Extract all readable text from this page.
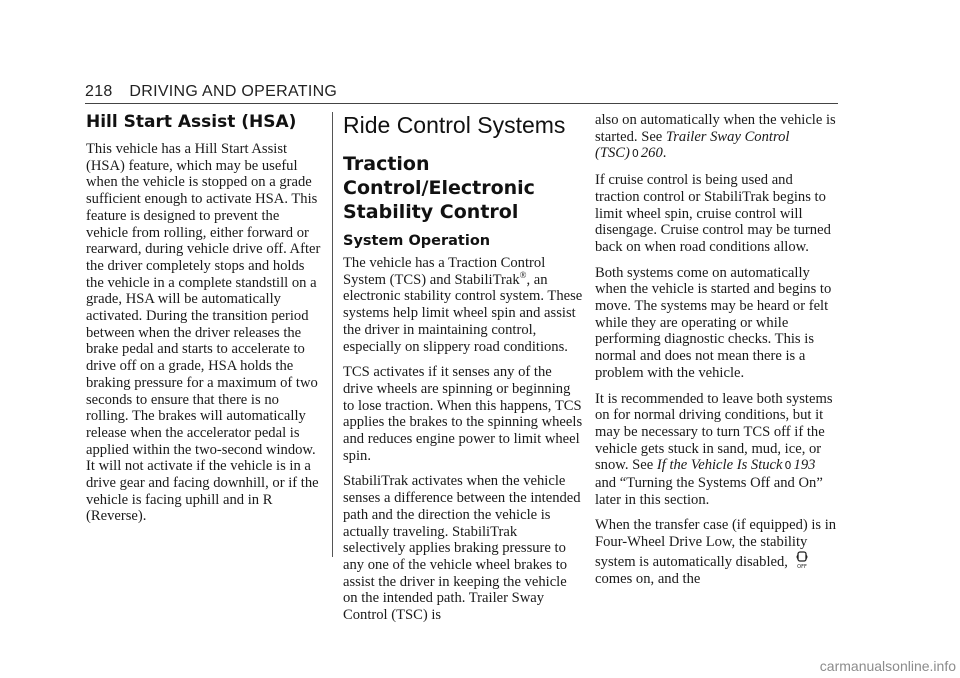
218 DRIVING AND OPERATING
Hill Start Assist (HSA)

This vehicle has a Hill Start Assist (HSA) feature, which may be useful when the vehicle is stopped on a grade sufficient enough to activate HSA. This feature is designed to prevent the vehicle from rolling, either forward or rearward, during vehicle drive off. After the driver completely stops and holds the vehicle in a complete standstill on a grade, HSA will be automatically activated. During the transition period between when the driver releases the brake pedal and starts to accelerate to drive off on a grade, HSA holds the braking pressure for a maximum of two seconds to ensure that there is no rolling. The brakes will automatically release when the accelerator pedal is applied within the two-second window. It will not activate if the vehicle is in a drive gear and facing downhill, or if the vehicle is facing uphill and in R (Reverse).

Ride Control Systems
Traction Control/Electronic Stability Control
System Operation

The vehicle has a Traction Control System (TCS) and StabiliTrak®, an electronic stability control system. These systems help limit wheel spin and assist the driver in maintaining control, especially on slippery road conditions.

TCS activates if it senses any of the drive wheels are spinning or beginning to lose traction. When this happens, TCS applies the brakes to the spinning wheels and reduces engine power to limit wheel spin.

StabiliTrak activates when the vehicle senses a difference between the intended path and the direction the vehicle is actually traveling. StabiliTrak selectively applies braking pressure to any one of the vehicle wheel brakes to assist the driver in keeping the vehicle on the intended path. Trailer Sway Control (TSC) is

also on automatically when the vehicle is started. See Trailer Sway Control (TSC) 0 260.

If cruise control is being used and traction control or StabiliTrak begins to limit wheel spin, cruise control will disengage. Cruise control may be turned back on when road conditions allow.

Both systems come on automatically when the vehicle is started and begins to move. The systems may be heard or felt while they are operating or while performing diagnostic checks. This is normal and does not mean there is a problem with the vehicle.

It is recommended to leave both systems on for normal driving conditions, but it may be necessary to turn TCS off if the vehicle gets stuck in sand, mud, ice, or snow. See If the Vehicle Is Stuck 0 193 and “Turning the Systems Off and On” later in this section.

When the transfer case (if equipped) is in Four-Wheel Drive Low, the stability system is automatically disabled, OFF
comes on, and the

carmanualsonline.info
